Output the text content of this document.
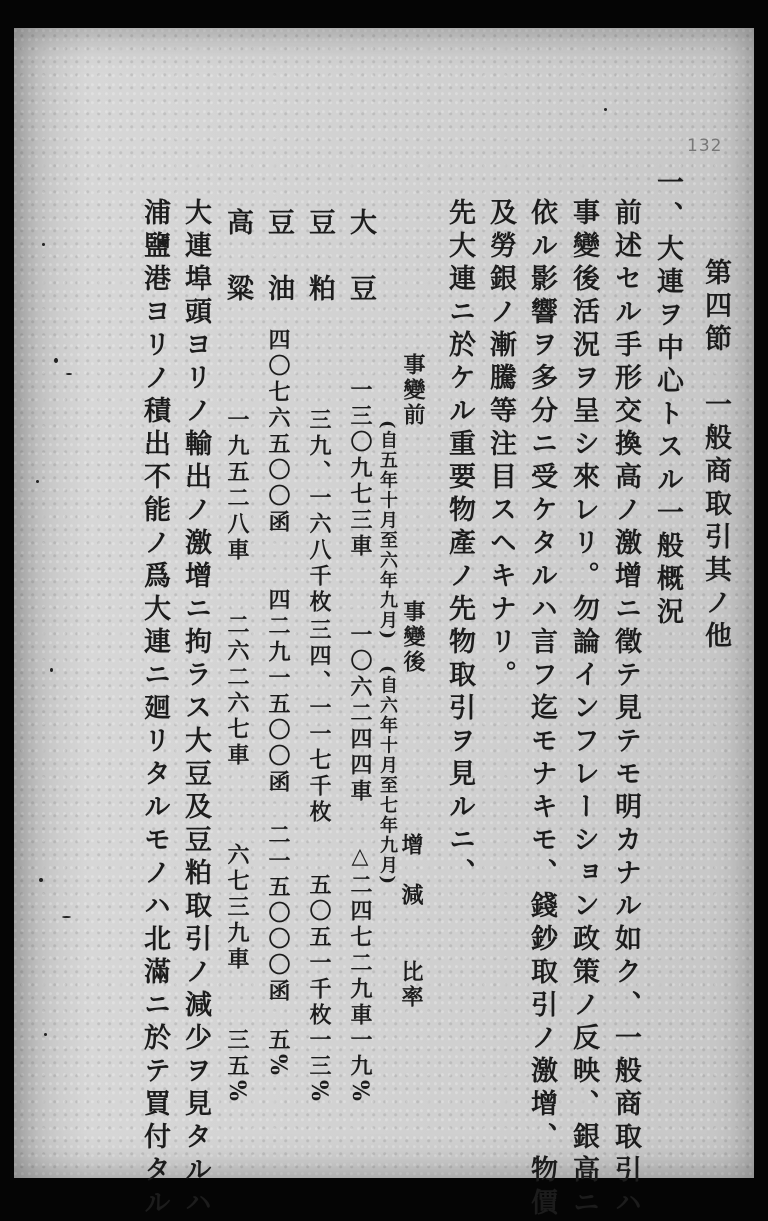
132
第四節　一般商取引其ノ他
一、大連ヲ中心トスル一般概況
前述セル手形交換高ノ激增ニ徵テ見テモ明カナル如ク、一般商取引ハ
事變後活況ヲ呈シ來レリ。勿論インフレーション政策ノ反映、銀高ニ
依ル影響ヲ多分ニ受ケタルハ言フ迄モナキモ、錢鈔取引ノ激增、物價
及勞銀ノ漸騰等注目スヘキナリ。
先大連ニ於ケル重要物產ノ先物取引ヲ見ルニ、
事變前
(自五年十月至六年九月) 事變後
(自六年十月至七年九月) 增　減
比率
大　豆
一三〇九七三車
一〇六二四四車
△二四七二九車
一九%
豆　粕
三九、一六八千枚
三四、一一七千枚
五〇五一千枚
一三%
豆　油
四〇七六五〇〇函
四二九一五〇〇函
二一五〇〇〇函
五%
高　粱
一九五二八車
二六二六七車
六七三九車
三五%
大連埠頭ヨリノ輸出ノ激增ニ拘ラス大豆及豆粕取引ノ減少ヲ見タルハ
浦鹽港ヨリノ積出不能ノ爲大連ニ廻リタルモノハ北滿ニ於テ買付タル
